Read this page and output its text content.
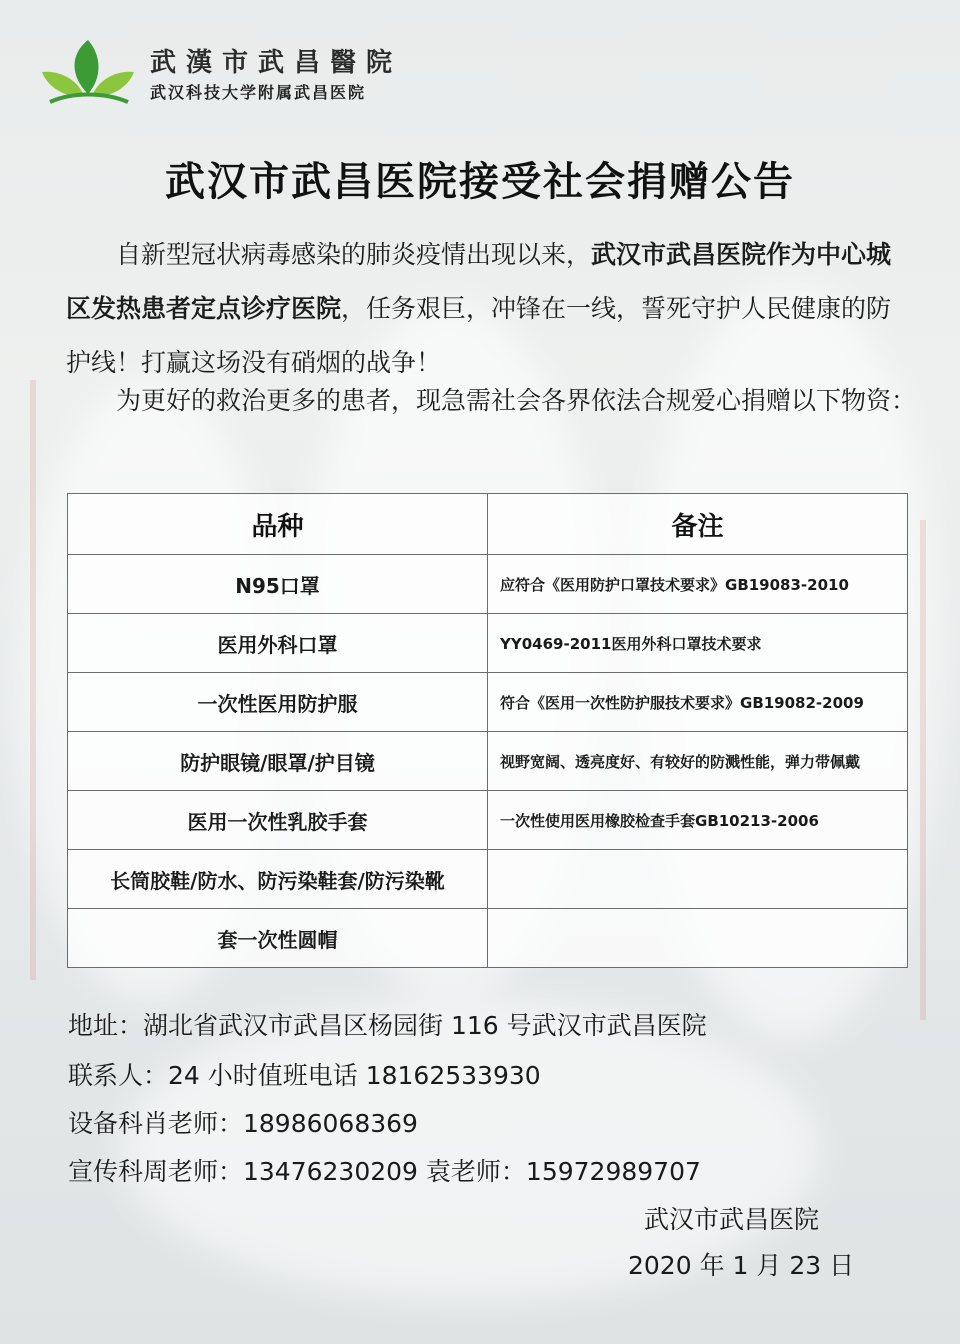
武漢市武昌醫院
武汉科技大学附属武昌医院
武汉市武昌医院接受社会捐赠公告
自新型冠状病毒感染的肺炎疫情出现以来，武汉市武昌医院作为中心城区发热患者定点诊疗医院，任务艰巨，冲锋在一线，誓死守护人民健康的防护线！打赢这场没有硝烟的战争！
为更好的救治更多的患者，现急需社会各界依法合规爱心捐赠以下物资：
品种	备注
N95口罩	应符合《医用防护口罩技术要求》GB19083-2010
医用外科口罩	YY0469-2011医用外科口罩技术要求
一次性医用防护服	符合《医用一次性防护服技术要求》GB19082-2009
防护眼镜/眼罩/护目镜	视野宽阔、透亮度好、有较好的防溅性能，弹力带佩戴
医用一次性乳胶手套	一次性使用医用橡胶检查手套GB10213-2006
长筒胶鞋/防水、防污染鞋套/防污染靴	
套一次性圆帽	
地址：湖北省武汉市武昌区杨园街 116 号武汉市武昌医院
联系人：24 小时值班电话 18162533930
设备科肖老师：18986068369
宣传科周老师：13476230209 袁老师：15972989707
武汉市武昌医院
2020 年 1 月 23 日
